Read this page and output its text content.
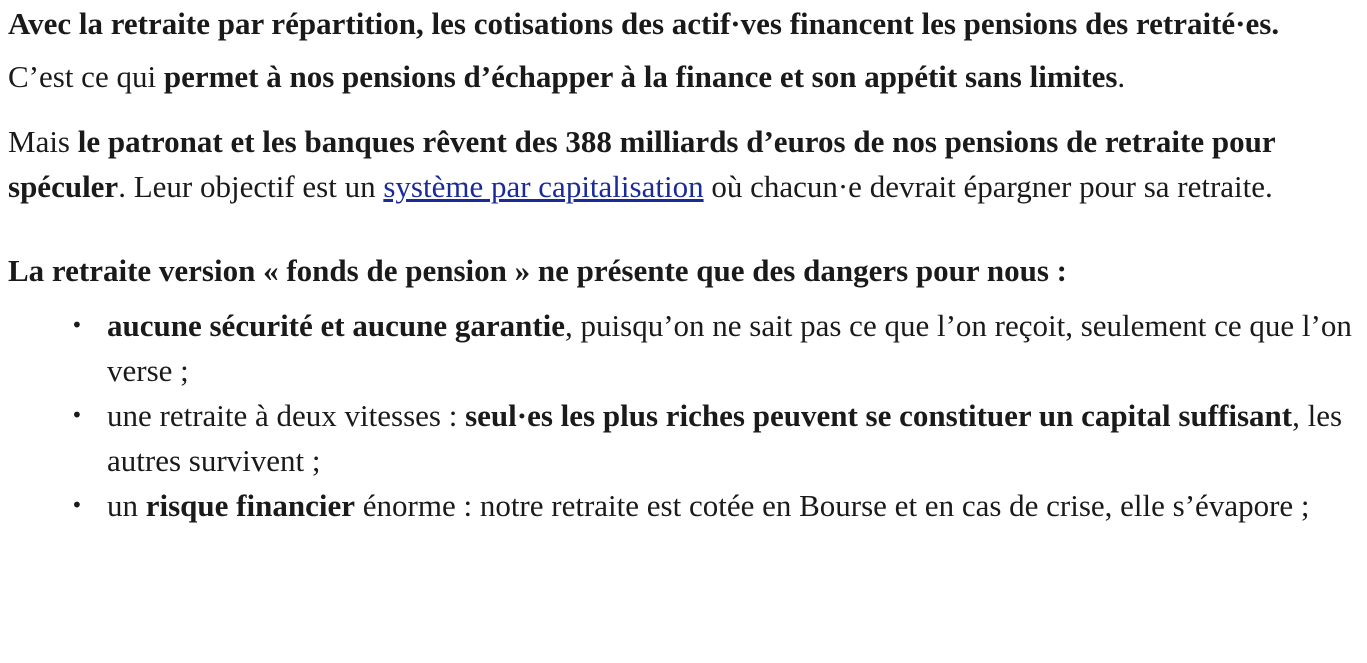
Avec la retraite par répartition, les cotisations des actif·ves financent les pensions des retraité·es.

C’est ce qui permet à nos pensions d’échapper à la finance et son appétit sans limites.

Mais le patronat et les banques rêvent des 388 milliards d’euros de nos pensions de retraite pour spéculer. Leur objectif est un système par capitalisation où chacun·e devrait épargner pour sa retraite.

La retraite version « fonds de pension » ne présente que des dangers pour nous :

• aucune sécurité et aucune garantie, puisqu’on ne sait pas ce que l’on reçoit, seulement ce que l’on verse ;
• une retraite à deux vitesses : seul·es les plus riches peuvent se constituer un capital suffisant, les autres survivent ;
• un risque financier énorme : notre retraite est cotée en Bourse et en cas de crise, elle s’évapore ;
